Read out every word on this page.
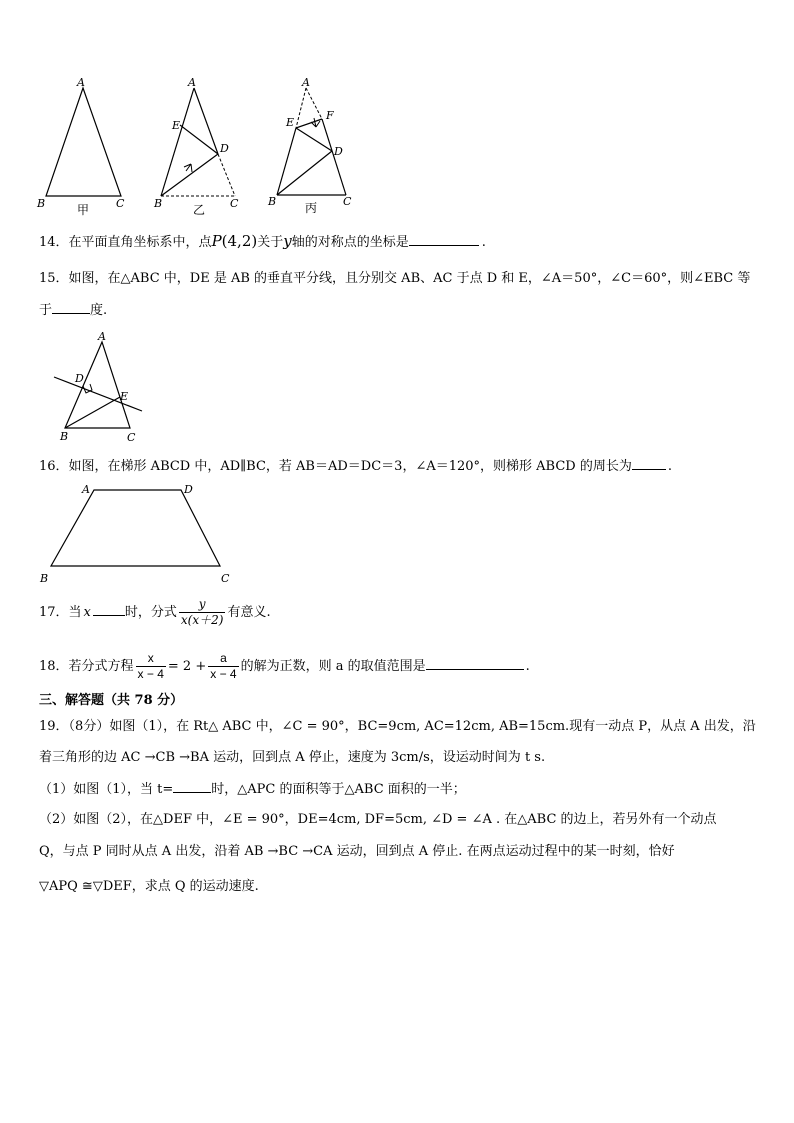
A
B	C
甲
A
E
D
B	C
乙
A
E
F
D
B	C
丙
14．在平面直角坐标系中，点P(4,2)关于y轴的对称点的坐标是	.
15．如图，在△ABC 中，DE 是 AB 的垂直平分线，且分别交 AB、AC 于点 D 和 E，∠A＝50°，∠C＝60°，则∠EBC 等
于	度.
A
D
E
B	C
16．如图，在梯形 ABCD 中，AD∥BC，若 AB＝AD＝DC＝3，∠A＝120°，则梯形 ABCD 的周长为	.
A	D
B	C
17．当 x	时，分式 $\frac{y}{x(x+2)}$ 有意义.
18．若分式方程 $\frac{x}{x - 4} = 2 + \frac{a}{x - 4}$ 的解为正数，则 a 的取值范围是	.
三、解答题（共 78 分）
19．（8分）如图（1），在 Rt△ ABC 中，∠C = 90°，BC=9cm, AC=12cm, AB=15cm.现有一动点 P，从点 A 出发，沿
着三角形的边 AC →CB →BA 运动，回到点 A 停止，速度为 3cm/s，设运动时间为 t s.
（1）如图（1），当 t=	时，△APC 的面积等于△ABC 面积的一半；
（2）如图（2），在△DEF 中，∠E = 90°，DE=4cm, DF=5cm, ∠D = ∠A . 在△ABC 的边上，若另外有一个动点
Q，与点 P 同时从点 A 出发，沿着 AB →BC →CA 运动，回到点 A 停止. 在两点运动过程中的某一时刻，恰好
▽APQ ≅▽DEF，求点 Q 的运动速度.
